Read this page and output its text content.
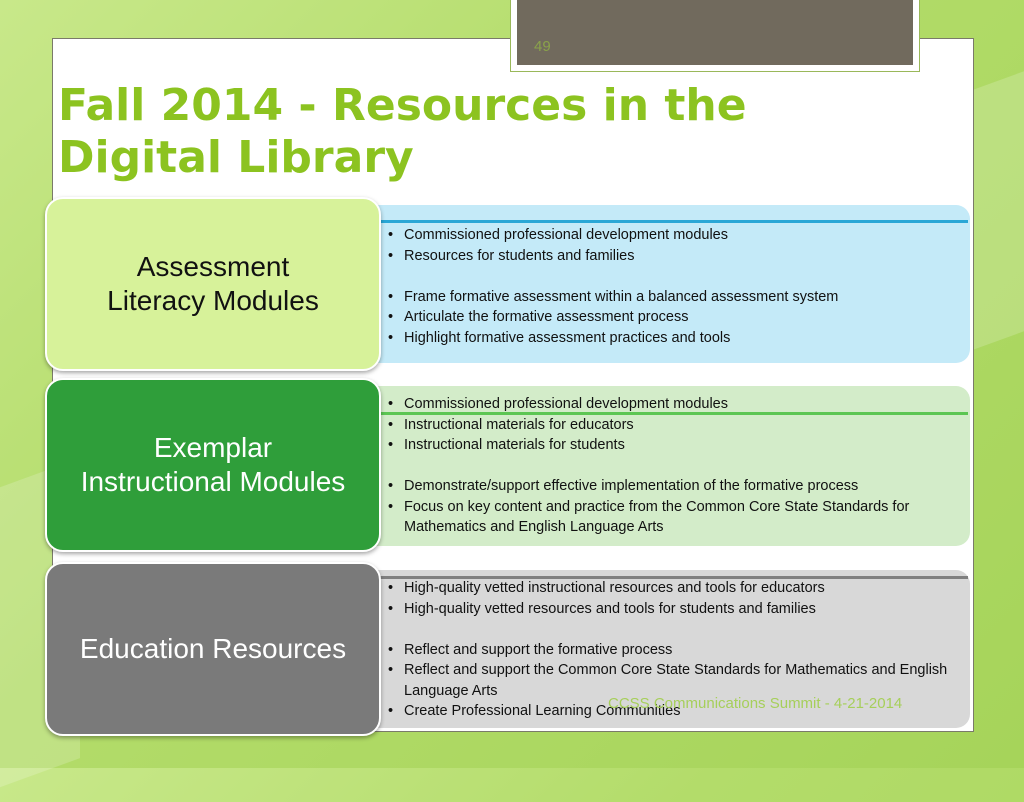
49
Fall 2014 - Resources in the
Digital Library
• Commissioned professional development modules
• Resources for students and families
• Frame formative assessment within a balanced assessment system
• Articulate the formative assessment process
• Highlight formative assessment practices and tools
Assessment
Literacy Modules
• Commissioned professional development modules
• Instructional materials for educators
• Instructional materials for students
• Demonstrate/support effective implementation of the formative process
• Focus on key content and practice from the Common Core State Standards for Mathematics and English Language Arts
Exemplar
Instructional Modules
• High-quality vetted instructional resources and tools for educators
• High-quality vetted resources and tools for students and families
• Reflect and support the formative process
• Reflect and support the Common Core State Standards for Mathematics and English Language Arts
• Create Professional Learning Communities
Education Resources
CCSS Communications Summit - 4-21-2014
